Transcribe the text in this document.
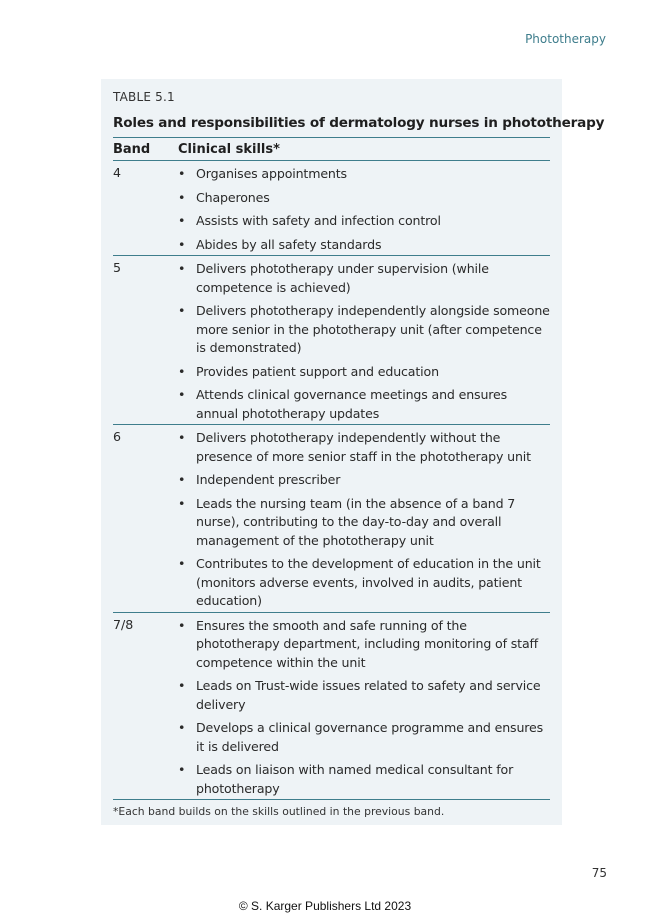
Phototherapy
TABLE 5.1
Roles and responsibilities of dermatology nurses in phototherapy
Band Clinical skills*
4	• Organises appointments
• Chaperones
• Assists with safety and infection control
• Abides by all safety standards
5	• Delivers phototherapy under supervision (while competence is achieved)
• Delivers phototherapy independently alongside someone more senior in the phototherapy unit (after competence is demonstrated)
• Provides patient support and education
• Attends clinical governance meetings and ensures annual phototherapy updates
6	• Delivers phototherapy independently without the presence of more senior staff in the phototherapy unit
• Independent prescriber
• Leads the nursing team (in the absence of a band 7 nurse), contributing to the day-to-day and overall management of the phototherapy unit
• Contributes to the development of education in the unit (monitors adverse events, involved in audits, patient education)
7/8	• Ensures the smooth and safe running of the phototherapy department, including monitoring of staff competence within the unit
• Leads on Trust-wide issues related to safety and service delivery
• Develops a clinical governance programme and ensures it is delivered
• Leads on liaison with named medical consultant for phototherapy
*Each band builds on the skills outlined in the previous band.
75
© S. Karger Publishers Ltd 2023
